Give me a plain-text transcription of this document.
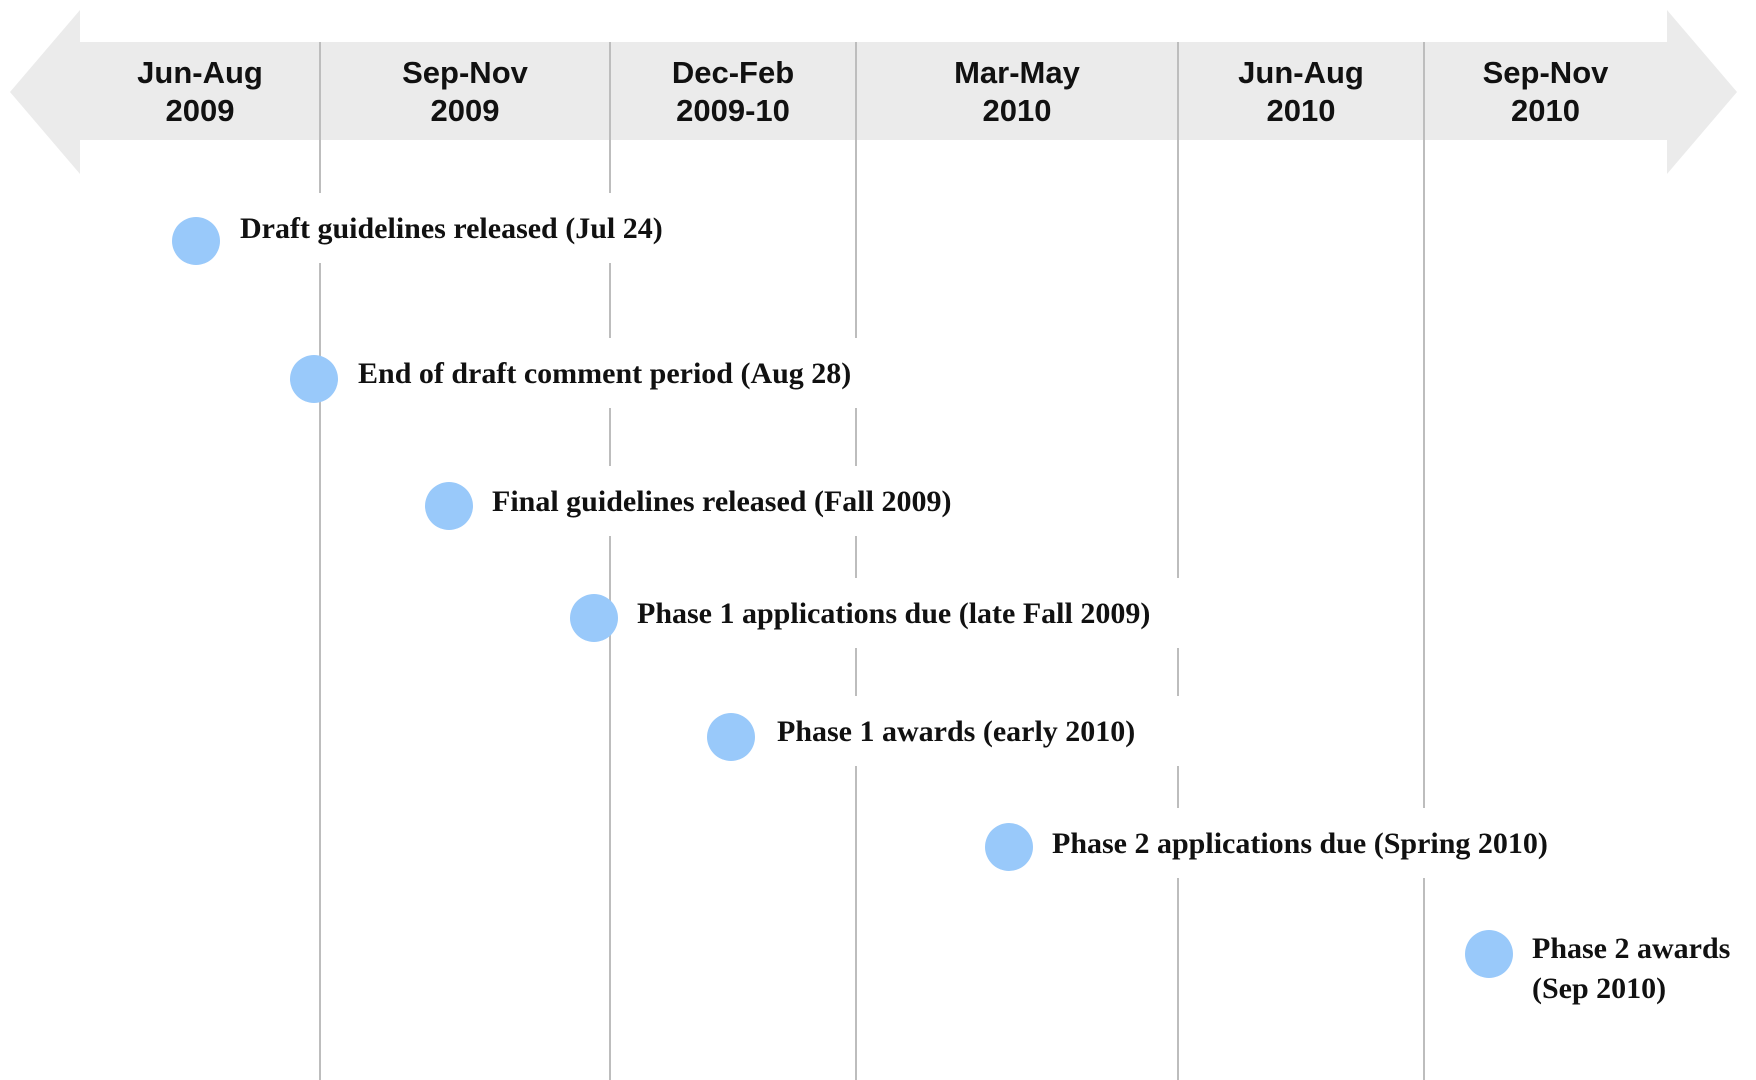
Jun-Aug
2009
Sep-Nov
2009
Dec-Feb
2009-10
Mar-May
2010
Jun-Aug
2010
Sep-Nov
2010
Draft guidelines released (Jul 24)
End of draft comment period (Aug 28)
Final guidelines released (Fall 2009)
Phase 1 applications due (late Fall 2009)
Phase 1 awards (early 2010)
Phase 2 applications due (Spring 2010)
Phase 2 awards
(Sep 2010)
